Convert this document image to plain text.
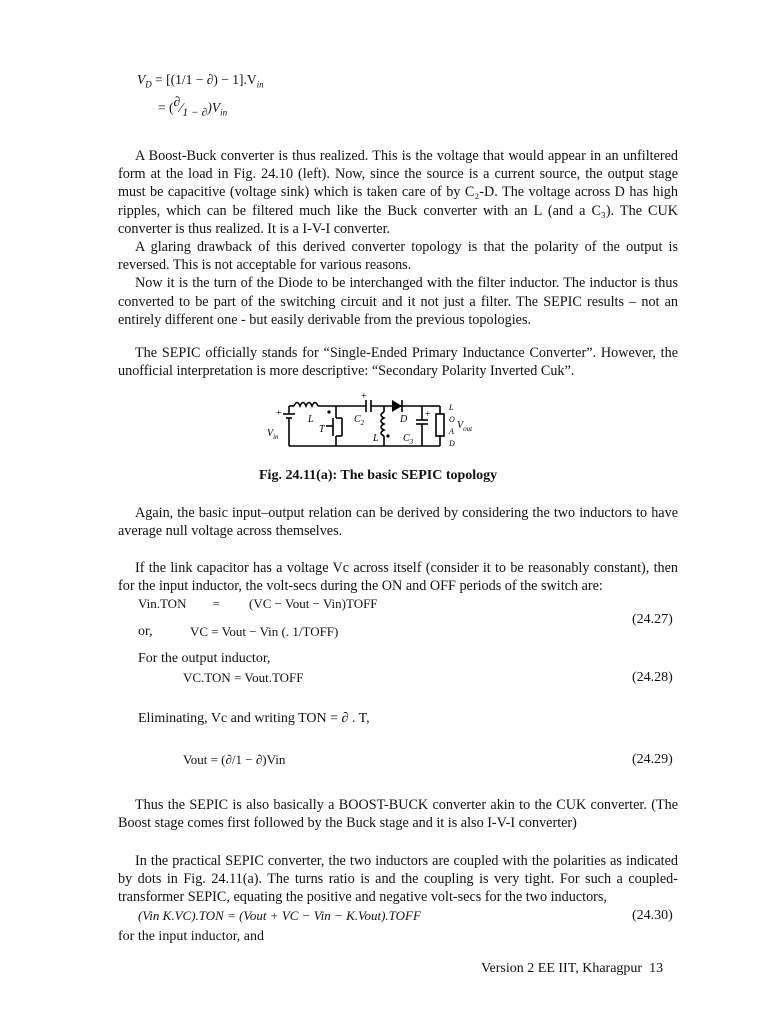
$V_D = [(1/1$ − ∂) − $1].V_{in}$
= (∂⁄1 − $\partial)V_{in}$

A Boost-Buck converter is thus realized. This is the voltage that would appear in an unfiltered form at the load in Fig. 24.10 (left). Now, since the source is a current source, the output stage must be capacitive (voltage sink) which is taken care of by C₂-D. The voltage across D has high ripples, which can be filtered much like the Buck converter with an L (and a C₃). The CUK converter is thus realized. It is a I-V-I converter.

A glaring drawback of this derived converter topology is that the polarity of the output is reversed. This is not acceptable for various reasons.

Now it is the turn of the Diode to be interchanged with the filter inductor. The inductor is thus converted to be part of the switching circuit and it not just a filter. The SEPIC results – not an entirely different one - but easily derivable from the previous topologies.

The SEPIC officially stands for “Single-Ended Primary Inductance Converter”. However, the unofficial interpretation is more descriptive: “Secondary Polarity Inverted Cuk”.

$V_{in}$
+
L
T
$C_2$
+
D
L $C_3$
+
L
O
A
D
$V_{out}$
Fig. 24.11(a): The basic SEPIC topology

Again, the basic input–output relation can be derived by considering the two inductors to have average null voltage across themselves.

If the link capacitor has a voltage Vc across itself (consider it to be reasonably constant), then for the input inductor, the volt-secs during the ON and OFF periods of the switch are:

Vin.TON        =         (VC − Vout − Vin)TOFF
or,	VC = Vout − Vin (. 1/TOFF)
(24.27)
For the output inductor,
VC.TON = Vout.TOFF	(24.28)
Eliminating, Vc and writing TON = ∂ . T,
Vout = (∂/1 − ∂)Vin	(24.29)

Thus the SEPIC is also basically a BOOST-BUCK converter akin to the CUK converter. (The Boost stage comes first followed by the Buck stage and it is also I-V-I converter)

In the practical SEPIC converter, the two inductors are coupled with the polarities as indicated by dots in Fig. 24.11(a). The turns ratio is and the coupling is very tight. For such a coupled-transformer SEPIC, equating the positive and negative volt-secs for the two inductors,

(Vin K.VC).TON = (Vout + VC − Vin − K.Vout).TOFF	(24.30)
for the input inductor, and
Version 2 EE IIT, Kharagpur  13
